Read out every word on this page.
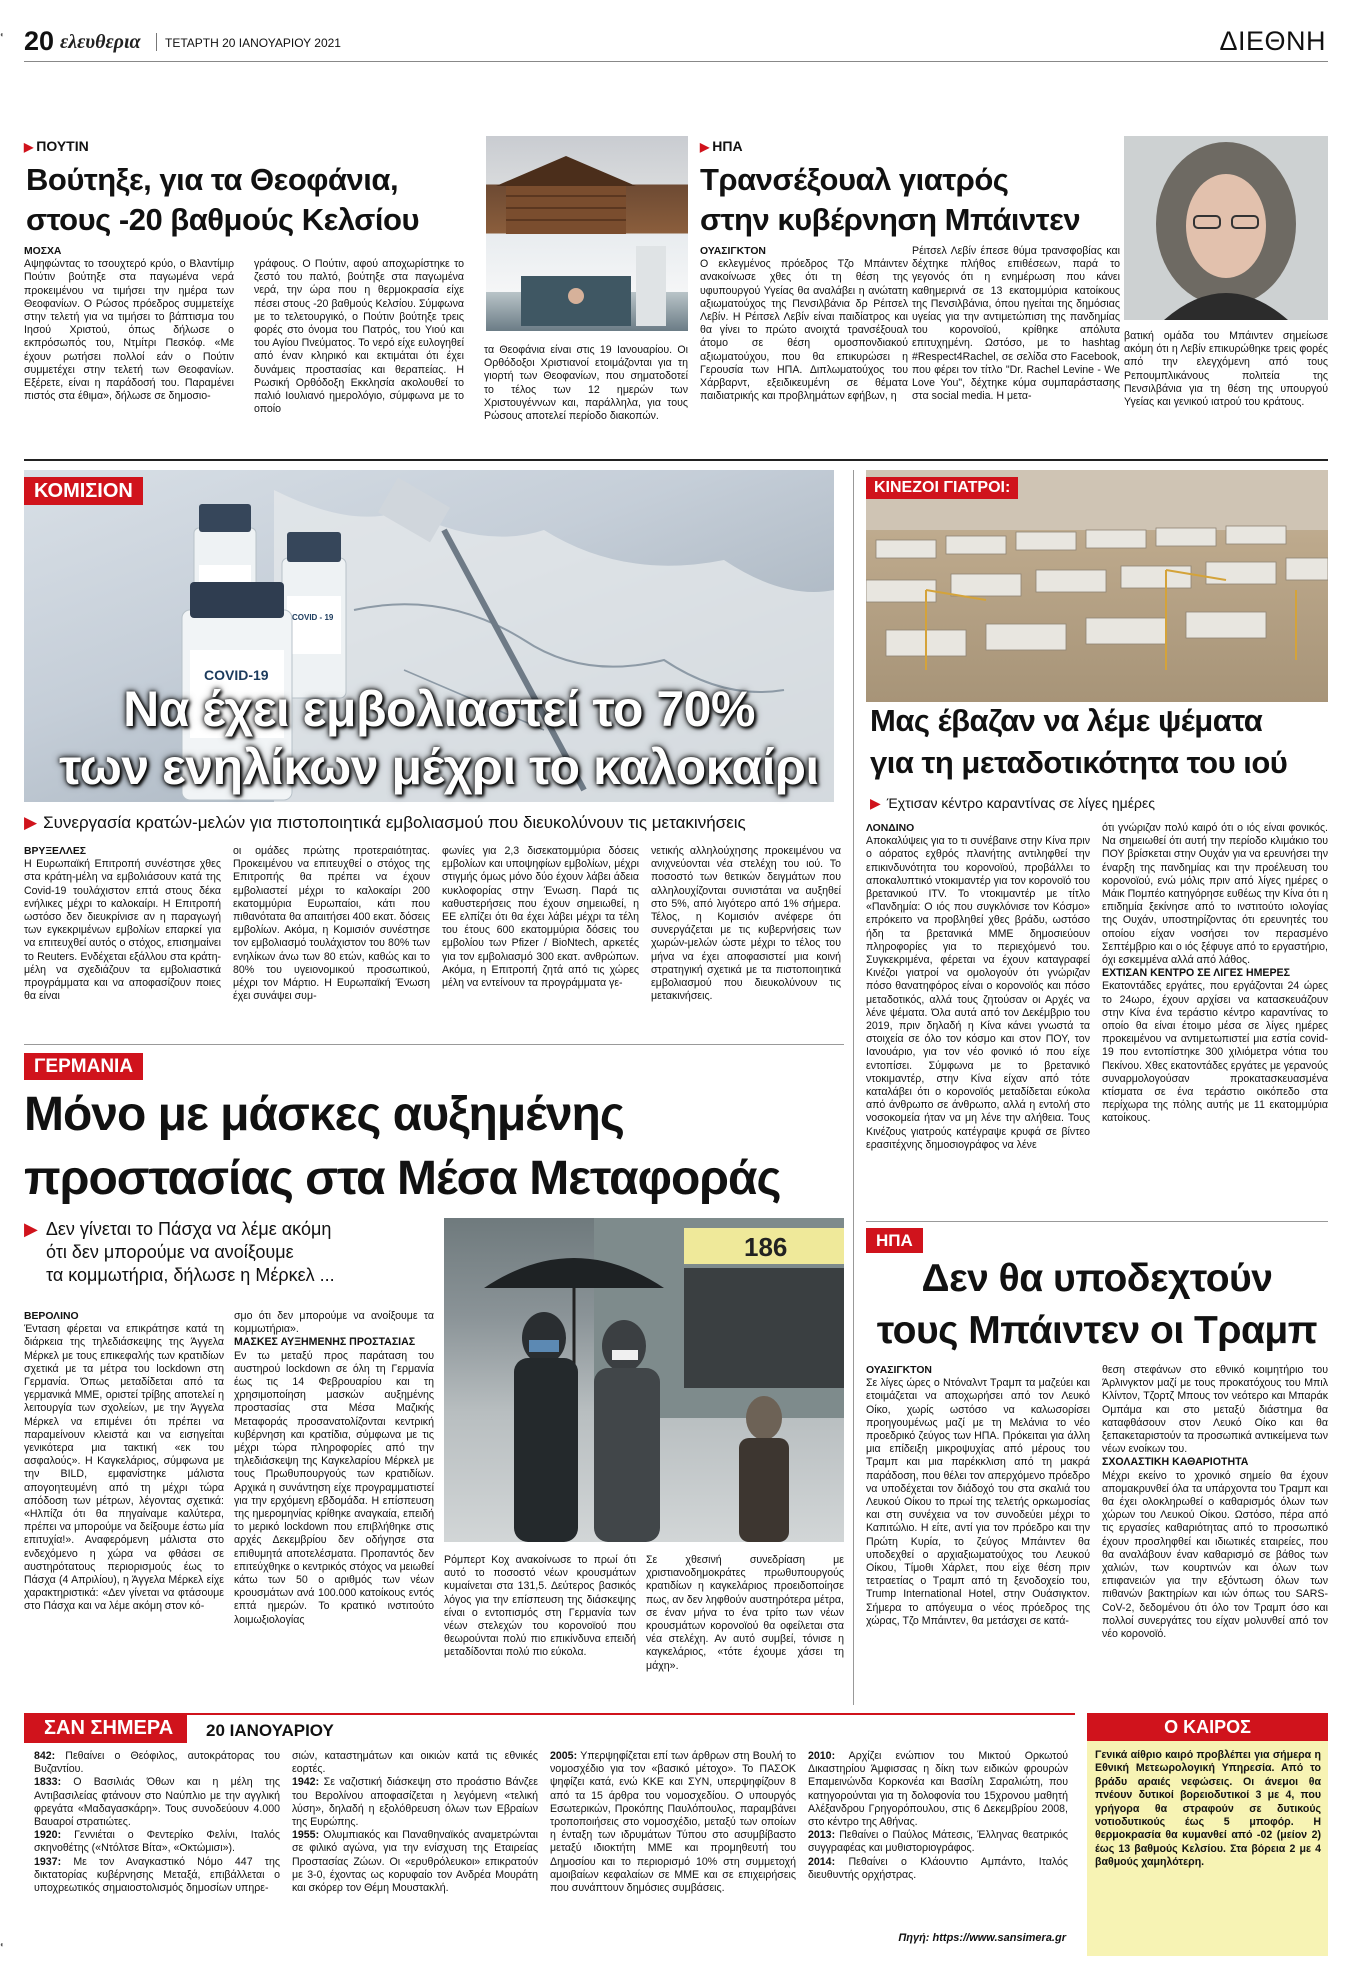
◐
◐
20 ελευθερια ΤΕΤΑΡΤΗ 20 ΙΑΝΟΥΑΡΙΟΥ 2021	ΔΙΕΘΝΗ
▶ ΠΟΥΤΙΝ
Βούτηξε, για τα Θεοφάνια,
στους -20 βαθμούς Κελσίου

ΜΟΣΧΑ

Αψηφώντας το τσουχτερό κρύο, ο Βλαντίμιρ Πούτιν βούτηξε στα παγωμένα νερά προκειμένου να τιμήσει την ημέρα των Θεοφανίων. Ο Ρώσος πρόεδρος συμμετείχε στην τελετή για να τιμήσει το βάπτισμα του Ιησού Χριστού, όπως δήλωσε ο εκπρόσωπός του, Ντμίτρι Πεσκόφ. «Με έχουν ρωτήσει πολλοί εάν ο Πούτιν συμμετέχει στην τελετή των Θεοφανίων. Εξέρετε, είναι η παράδοσή του. Παραμένει πιστός στα έθιμα», δήλωσε σε δημοσιο-

γράφους. Ο Πούτιν, αφού αποχωρίστηκε το ζεστό του παλτό, βούτηξε στα παγωμένα νερά, την ώρα που η θερμοκρασία είχε πέσει στους -20 βαθμούς Κελσίου. Σύμφωνα με το τελετουργικό, ο Πούτιν βούτηξε τρεις φορές στο όνομα του Πατρός, του Υιού και του Αγίου Πνεύματος. Το νερό είχε ευλογηθεί από έναν κληρικό και εκτιμάται ότι έχει δυνάμεις προστασίας και θεραπείας. Η Ρωσική Ορθόδοξη Εκκλησία ακολουθεί το παλιό Ιουλιανό ημερολόγιο, σύμφωνα με το οποίο

τα Θεοφάνια είναι στις 19 Ιανουαρίου. Οι Ορθόδοξοι Χριστιανοί ετοιμάζονται για τη γιορτή των Θεοφανίων, που σηματοδοτεί το τέλος των 12 ημερών των Χριστουγέννων και, παράλληλα, για τους Ρώσους αποτελεί περίοδο διακοπών.

▶ ΗΠΑ
Τρανσέξουαλ γιατρός
στην κυβέρνηση Μπάιντεν

ΟΥΑΣΙΓΚΤΟΝ

Ο εκλεγμένος πρόεδρος Τζο Μπάιντεν ανακοίνωσε χθες ότι τη θέση της υφυπουργού Υγείας θα αναλάβει η ανώτατη αξιωματούχος της Πενσιλβάνια δρ Ρέιτσελ Λεβίν. Η Ρέιτσελ Λεβίν είναι παιδίατρος και θα γίνει το πρώτο ανοιχτά τρανσέξουαλ άτομο σε θέση ομοσπονδιακού αξιωματούχου, που θα επικυρώσει η Γερουσία των ΗΠΑ. Διπλωματούχος του Χάρβαρντ, εξειδικευμένη σε θέματα παιδιατρικής και προβλημάτων εφήβων, η

Ρέιτσελ Λεβίν έπεσε θύμα τρανσφοβίας και δέχτηκε πλήθος επιθέσεων, παρά το γεγονός ότι η ενημέρωση που κάνει καθημερινά σε 13 εκατομμύρια κατοίκους της Πενσιλβάνια, όπου ηγείται της δημόσιας υγείας για την αντιμετώπιση της πανδημίας του κορονοϊού, κρίθηκε απόλυτα επιτυχημένη. Ωστόσο, με το hashtag #Respect4Rachel, σε σελίδα στο Facebook, που φέρει τον τίτλο "Dr. Rachel Levine - We Love You", δέχτηκε κύμα συμπαράστασης στα social media. Η μετα-

βατική ομάδα του Μπάιντεν σημείωσε ακόμη ότι η Λεβίν επικυρώθηκε τρεις φορές από την ελεγχόμενη από τους Ρεπουμπλικάνους πολιτεία της Πενσιλβάνια για τη θέση της υπουργού Υγείας και γενικού ιατρού του κράτους.

COVID - 19
COVID-19
ΚΟΜΙΣΙΟΝ
Να έχει εμβολιαστεί το 70%
των ενηλίκων μέχρι το καλοκαίρι
▶ Συνεργασία κρατών-μελών για πιστοποιητικά εμβολιασμού που διευκολύνουν τις μετακινήσεις

ΒΡΥΞΕΛΛΕΣ

Η Ευρωπαϊκή Επιτροπή συνέστησε χθες στα κράτη-μέλη να εμβολιάσουν κατά της Covid-19 τουλάχιστον επτά στους δέκα ενήλικες μέχρι το καλοκαίρι. Η Επιτροπή ωστόσο δεν διευκρίνισε αν η παραγωγή των εγκεκριμένων εμβολίων επαρκεί για να επιτευχθεί αυτός ο στόχος, επισημαίνει το Reuters. Ενδέχεται εξάλλου στα κράτη-μέλη να σχεδιάζουν τα εμβολιαστικά προγράμματα και να αποφασίζουν ποιες θα είναι

οι ομάδες πρώτης προτεραιότητας. Προκειμένου να επιτευχθεί ο στόχος της Επιτροπής θα πρέπει να έχουν εμβολιαστεί μέχρι το καλοκαίρι 200 εκατομμύρια Ευρωπαίοι, κάτι που πιθανότατα θα απαιτήσει 400 εκατ. δόσεις εμβολίων. Ακόμα, η Κομισιόν συνέστησε τον εμβολιασμό τουλάχιστον του 80% των ενηλίκων άνω των 80 ετών, καθώς και το 80% του υγειονομικού προσωπικού, μέχρι τον Μάρτιο. Η Ευρωπαϊκή Ένωση έχει συνάψει συμ-

φωνίες για 2,3 δισεκατομμύρια δόσεις εμβολίων και υποψηφίων εμβολίων, μέχρι στιγμής όμως μόνο δύο έχουν λάβει άδεια κυκλοφορίας στην Ένωση. Παρά τις καθυστερήσεις που έχουν σημειωθεί, η ΕΕ ελπίζει ότι θα έχει λάβει μέχρι τα τέλη του έτους 600 εκατομμύρια δόσεις του εμβολίου των Pfizer / BioNtech, αρκετές για τον εμβολιασμό 300 εκατ. ανθρώπων. Ακόμα, η Επιτροπή ζητά από τις χώρες μέλη να εντείνουν τα προγράμματα γε-

νετικής αλληλούχησης προκειμένου να ανιχνεύονται νέα στελέχη του ιού. Το ποσοστό των θετικών δειγμάτων που αλληλουχίζονται συνιστάται να αυξηθεί στο 5%, από λιγότερο από 1% σήμερα. Τέλος, η Κομισιόν ανέφερε ότι συνεργάζεται με τις κυβερνήσεις των χωρών-μελών ώστε μέχρι το τέλος του μήνα να έχει αποφασιστεί μια κοινή στρατηγική σχετικά με τα πιστοποιητικά εμβολιασμού που διευκολύνουν τις μετακινήσεις.

ΚΙΝΕΖΟΙ ΓΙΑΤΡΟΙ:
Μας έβαζαν να λέμε ψέματα
για τη μεταδοτικότητα του ιού
▶ Έχτισαν κέντρο καραντίνας σε λίγες ημέρες

ΛΟΝΔΙΝΟ

Αποκαλύψεις για το τι συνέβαινε στην Κίνα πριν ο αόρατος εχθρός πλανήτης αντιληφθεί την επικινδυνότητα του κορονοϊού, προβάλλει το αποκαλυπτικό ντοκιμαντέρ για τον κορονοϊό του βρετανικού ITV. Το ντοκιμαντέρ με τίτλο «Πανδημία: Ο ιός που συγκλόνισε τον Κόσμο» επρόκειτο να προβληθεί χθες βράδυ, ωστόσο ήδη τα βρετανικά ΜΜΕ δημοσιεύουν πληροφορίες για το περιεχόμενό του. Συγκεκριμένα, φέρεται να έχουν καταγραφεί Κινέζοι γιατροί να ομολογούν ότι γνώριζαν πόσο θανατηφόρος είναι ο κορονοϊός και πόσο μεταδοτικός, αλλά τους ζητούσαν οι Αρχές να λένε ψέματα. Όλα αυτά από τον Δεκέμβριο του 2019, πριν δηλαδή η Κίνα κάνει γνωστά τα στοιχεία σε όλο τον κόσμο και στον ΠΟΥ, τον Ιανουάριο, για τον νέο φονικό ιό που είχε εντοπίσει. Σύμφωνα με το βρετανικό ντοκιμαντέρ, στην Κίνα είχαν από τότε καταλάβει ότι ο κορονοϊός μεταδίδεται εύκολα από άνθρωπο σε άνθρωπο, αλλά η εντολή στο νοσοκομεία ήταν να μη λένε την αλήθεια. Τους Κινέζους γιατρούς κατέγραψε κρυφά σε βίντεο ερασιτέχνης δημοσιογράφος να λένε

ότι γνώριζαν πολύ καιρό ότι ο ιός είναι φονικός. Να σημειωθεί ότι αυτή την περίοδο κλιμάκιο του ΠΟΥ βρίσκεται στην Ουχάν για να ερευνήσει την έναρξη της πανδημίας και την προέλευση του κορονοϊού, ενώ μόλις πριν από λίγες ημέρες ο Μάικ Πομπέο κατηγόρησε ευθέως την Κίνα ότι η επιδημία ξεκίνησε από το ινστιτούτο ιολογίας της Ουχάν, υποστηρίζοντας ότι ερευνητές του οποίου είχαν νοσήσει τον περασμένο Σεπτέμβριο και ο ιός ξέφυγε από το εργαστήριο, όχι εσκεμμένα αλλά από λάθος.

ΕΧΤΙΣΑΝ ΚΕΝΤΡΟ ΣΕ ΛΙΓΕΣ ΗΜΕΡΕΣ

Εκατοντάδες εργάτες, που εργάζονται 24 ώρες το 24ωρο, έχουν αρχίσει να κατασκευάζουν στην Κίνα ένα τεράστιο κέντρο καραντίνας το οποίο θα είναι έτοιμο μέσα σε λίγες ημέρες προκειμένου να αντιμετωπιστεί μια εστία covid-19 που εντοπίστηκε 300 χιλιόμετρα νότια του Πεκίνου. Χθες εκατοντάδες εργάτες με γερανούς συναρμολογούσαν προκατασκευασμένα κτίσματα σε ένα τεράστιο οικόπεδο στα περίχωρα της πόλης αυτής με 11 εκατομμύρια κατοίκους.

ΓΕΡΜΑΝΙΑ
Μόνο με μάσκες αυξημένης
προστασίας στα Μέσα Μεταφοράς
▶ Δεν γίνεται το Πάσχα να λέμε ακόμη
ότι δεν μπορούμε να ανοίξουμε
τα κομμωτήρια, δήλωσε η Μέρκελ ...
186

ΒΕΡΟΛΙΝΟ

Ένταση φέρεται να επικράτησε κατά τη διάρκεια της τηλεδιάσκεψης της Άγγελα Μέρκελ με τους επικεφαλής των κρατιδίων σχετικά με τα μέτρα του lockdown στη Γερμανία. Όπως μεταδίδεται από τα γερμανικά ΜΜΕ, οριστεί τρίβης αποτελεί η λειτουργία των σχολείων, με την Άγγελα Μέρκελ να επιμένει ότι πρέπει να παραμείνουν κλειστά και να εισηγείται γενικότερα μια τακτική «εκ του ασφαλούς». Η Καγκελάριος, σύμφωνα με την BILD, εμφανίστηκε μάλιστα απογοητευμένη από τη μέχρι τώρα απόδοση των μέτρων, λέγοντας σχετικά: «Ηλπίζα ότι θα πηγαίναμε καλύτερα, πρέπει να μπορούμε να δείξουμε έστω μία επιτυχία!». Αναφερόμενη μάλιστα στο ενδεχόμενο η χώρα να φθάσει σε αυστηρότατους περιορισμούς έως το Πάσχα (4 Απριλίου), η Άγγελα Μέρκελ είχε χαρακτηριστικά: «Δεν γίνεται να φτάσουμε στο Πάσχα και να λέμε ακόμη στον κό-

σμο ότι δεν μπορούμε να ανοίξουμε τα κομμωτήρια».

ΜΑΣΚΕΣ ΑΥΞΗΜΕΝΗΣ ΠΡΟΣΤΑΣΙΑΣ

Εν τω μεταξύ προς παράταση του αυστηρού lockdown σε όλη τη Γερμανία έως τις 14 Φεβρουαρίου και τη χρησιμοποίηση μασκών αυξημένης προστασίας στα Μέσα Μαζικής Μεταφοράς προσανατολίζονται κεντρική κυβέρνηση και κρατίδια, σύμφωνα με τις μέχρι τώρα πληροφορίες από την τηλεδιάσκεψη της Καγκελαρίου Μέρκελ με τους Πρωθυπουργούς των κρατιδίων. Αρχικά η συνάντηση είχε προγραμματιστεί για την ερχόμενη εβδομάδα. Η επίσπευση της ημερομηνίας κρίθηκε αναγκαία, επειδή το μερικό lockdown που επιβλήθηκε στις αρχές Δεκεμβρίου δεν οδήγησε στα επιθυμητά αποτελέσματα. Προπαντός δεν επιτεύχθηκε ο κεντρικός στόχος να μειωθεί κάτω των 50 ο αριθμός των νέων κρουσμάτων ανά 100.000 κατοίκους εντός επτά ημερών. Το κρατικό ινστιτούτο λοιμωξιολογίας

Ρόμπερτ Κοχ ανακοίνωσε το πρωί ότι αυτό το ποσοστό νέων κρουσμάτων κυμαίνεται στα 131,5. Δεύτερος βασικός λόγος για την επίσπευση της διάσκεψης είναι ο εντοπισμός στη Γερμανία των νέων στελεχών του κορονοϊού που θεωρούνται πολύ πιο επικίνδυνα επειδή μεταδίδονται πολύ πιο εύκολα.

Σε χθεσινή συνεδρίαση με χριστιανοδημοκράτες πρωθυπουργούς κρατιδίων η καγκελάριος προειδοποίησε πως, αν δεν ληφθούν αυστηρότερα μέτρα, σε έναν μήνα το ένα τρίτο των νέων κρουσμάτων κορονοϊού θα οφείλεται στα νέα στελέχη. Αν αυτό συμβεί, τόνισε η καγκελάριος, «τότε έχουμε χάσει τη μάχη».

ΗΠΑ
Δεν θα υποδεχτούν
τους Μπάιντεν οι Τραμπ

ΟΥΑΣΙΓΚΤΟΝ

Σε λίγες ώρες ο Ντόναλντ Τραμπ τα μαζεύει και ετοιμάζεται να αποχωρήσει από τον Λευκό Οίκο, χωρίς ωστόσο να καλωσορίσει προηγουμένως μαζί με τη Μελάνια το νέο προεδρικό ζεύγος των ΗΠΑ. Πρόκειται για άλλη μια επίδειξη μικροψυχίας από μέρους του Τραμπ και μια παρέκκλιση από τη μακρά παράδοση, που θέλει τον απερχόμενο πρόεδρο να υποδέχεται τον διάδοχό του στα σκαλιά του Λευκού Οίκου το πρωί της τελετής ορκωμοσίας και στη συνέχεια να τον συνοδεύει μέχρι το Καπιτώλιο. Η είτε, αντί για τον πρόεδρο και την Πρώτη Κυρία, το ζεύγος Μπάιντεν θα υποδεχθεί ο αρχιαξιωματούχος του Λευκού Οίκου, Τίμοθι Χάρλετ, που είχε θέση πριν τετραετίας ο Τραμπ από τη ξενοδοχείο του, Trump International Hotel, στην Ουάσιγκτον. Σήμερα το απόγευμα ο νέος πρόεδρος της χώρας, Τζο Μπάιντεν, θα μετάσχει σε κατά-

θεση στεφάνων στο εθνικό κοιμητήριο του Άρλινγκτον μαζί με τους προκατόχους του Μπιλ Κλίντον, Τζορτζ Μπους τον νεότερο και Μπαράκ Ομπάμα και στο μεταξύ διάστημα θα καταφθάσουν στον Λευκό Οίκο και θα ξεπακεταριστούν τα προσωπικά αντικείμενα των νέων ενοίκων του.

ΣΧΟΛΑΣΤΙΚΗ ΚΑΘΑΡΙΟΤΗΤΑ

Μέχρι εκείνο το χρονικό σημείο θα έχουν απομακρυνθεί όλα τα υπάρχοντα του Τραμπ και θα έχει ολοκληρωθεί ο καθαρισμός όλων των χώρων του Λευκού Οίκου. Ωστόσο, πέρα από τις εργασίες καθαριότητας από το προσωπικό έχουν προσληφθεί και ιδιωτικές εταιρείες, που θα αναλάβουν έναν καθαρισμό σε βάθος των χαλιών, των κουρτινών και όλων των επιφανειών για την εξόντωση όλων των πιθανών βακτηρίων και ιών όπως του SARS-CoV-2, δεδομένου ότι όλο τον Τραμπ όσο και πολλοί συνεργάτες του είχαν μολυνθεί από τον νέο κορονοϊό.

ΣΑΝ ΣΗΜΕΡΑ	20 ΙΑΝΟΥΑΡΙΟΥ

842: Πεθαίνει ο Θεόφιλος, αυτοκράτορας του Βυζαντίου.

1833: Ο Βασιλιάς Όθων και η μέλη της Αντιβασιλείας φτάνουν στο Ναύπλιο με την αγγλική φρεγάτα «Μαδαγασκάρη». Τους συνοδεύουν 4.000 Βαυαροί στρατιώτες.

1920: Γεννιέται ο Φεντερίκο Φελίνι, Ιταλός σκηνοθέτης («Ντόλτσε Βίτα», «Οκτώμισι»).

1937: Με τον Αναγκαστικό Νόμο 447 της δικτατορίας κυβέρνησης Μεταξά, επιβάλλεται ο υποχρεωτικός σημαιοστολισμός δημοσίων υπηρε-

σιών, καταστημάτων και οικιών κατά τις εθνικές εορτές.

1942: Σε ναζιστική διάσκεψη στο προάστιο Βάνζεε του Βερολίνου αποφασίζεται η λεγόμενη «τελική λύση», δηλαδή η εξολόθρευση όλων των Εβραίων της Ευρώπης.

1955: Ολυμπιακός και Παναθηναϊκός αναμετρώνται σε φιλικό αγώνα, για την ενίσχυση της Εταιρείας Προστασίας Ζώων. Οι «ερυθρόλευκοι» επικρατούν με 3-0, έχοντας ως κορυφαίο τον Ανδρέα Μουράτη και σκόρερ τον Θέμη Μουστακλή.

2005: Υπερψηφίζεται επί των άρθρων στη Βουλή το νομοσχέδιο για τον «βασικό μέτοχο». Το ΠΑΣΟΚ ψηφίζει κατά, ενώ ΚΚΕ και ΣΥΝ, υπερψηφίζουν 8 από τα 15 άρθρα του νομοσχεδίου. Ο υπουργός Εσωτερικών, Προκόπης Παυλόπουλος, παραμβάνει τροποποιήσεις στο νομοσχέδιο, μεταξύ των οποίων η ένταξη των ιδρυμάτων Τύπου στο ασυμβίβαστο μεταξύ ιδιοκτήτη ΜΜΕ και προμηθευτή του Δημοσίου και το περιορισμό 10% στη συμμετοχή αμοιβαίων κεφαλαίων σε ΜΜΕ και σε επιχειρήσεις που συνάπτουν δημόσιες συμβάσεις.

2010: Αρχίζει ενώπιον του Μικτού Ορκωτού Δικαστηρίου Άμφισσας η δίκη των ειδικών φρουρών Επαμεινώνδα Κορκονέα και Βασίλη Σαραλιώτη, που κατηγορούνται για τη δολοφονία του 15χρονου μαθητή Αλέξανδρου Γρηγορόπουλου, στις 6 Δεκεμβρίου 2008, στο κέντρο της Αθήνας.

2013: Πεθαίνει ο Παύλος Μάτεσις, Έλληνας θεατρικός συγγραφέας και μυθιστοριογράφος.

2014: Πεθαίνει ο Κλάουντιο Αμπάντο, Ιταλός διευθυντής ορχήστρας.

Πηγή: https://www.sansimera.gr
Ο ΚΑΙΡΟΣ

Γενικά αίθριο καιρό προβλέπει για σήμερα η Εθνική Μετεωρολογική Υπηρεσία. Από το βράδυ αραιές νεφώσεις. Οι άνεμοι θα πνέουν δυτικοί βορειοδυτικοί 3 με 4, που γρήγορα θα στραφούν σε δυτικούς νοτιοδυτικούς έως 5 μποφόρ. Η θερμοκρασία θα κυμανθεί από -02 (μείον 2) έως 13 βαθμούς Κελσίου. Στα βόρεια 2 με 4 βαθμούς χαμηλότερη.
